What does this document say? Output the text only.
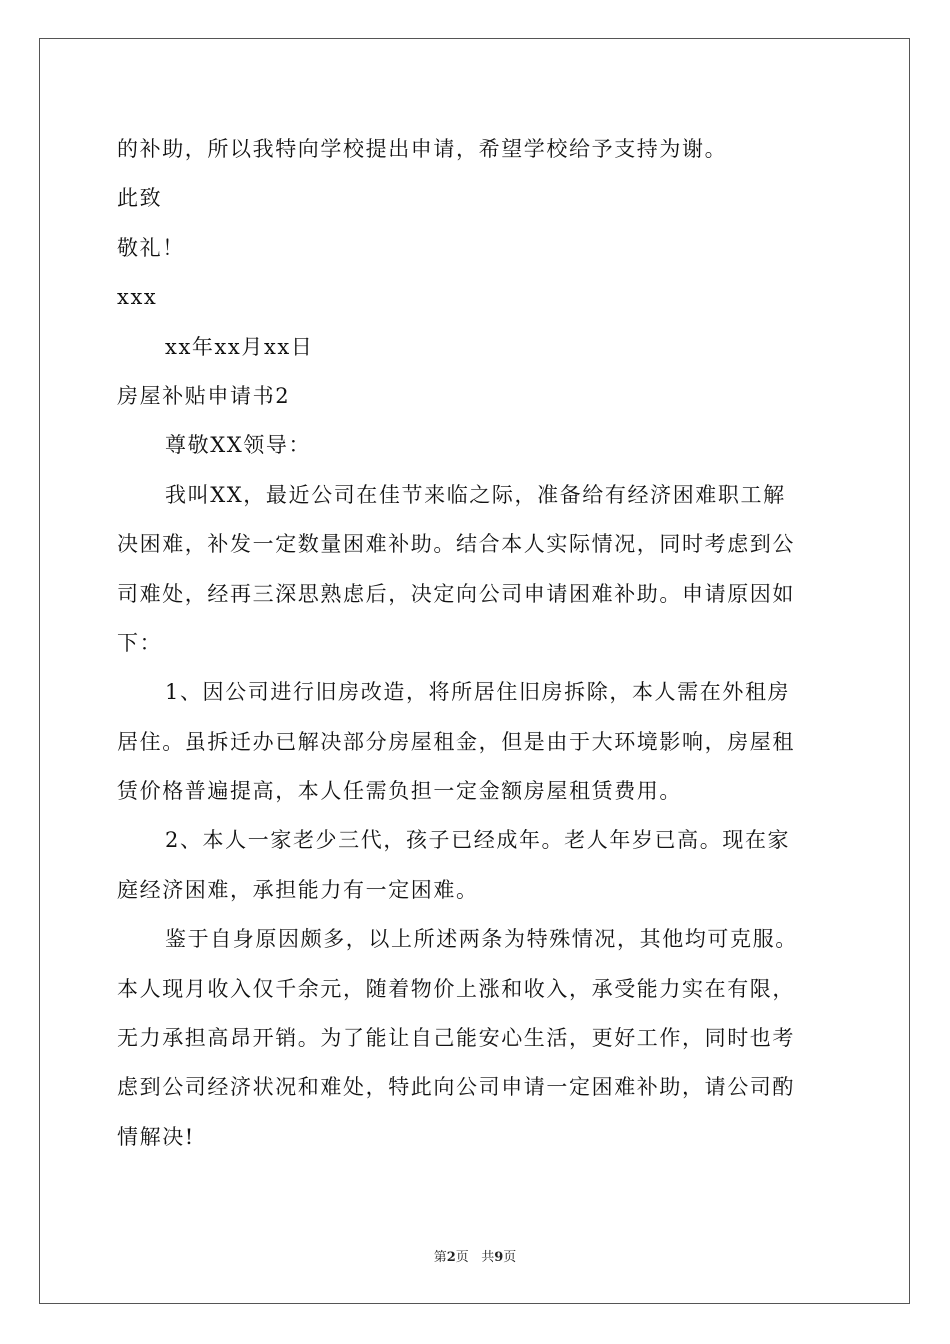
的补助，所以我特向学校提出申请，希望学校给予支持为谢。
此致
敬礼！
xxx
xx年xx月xx日
房屋补贴申请书2
尊敬XX领导：
我叫XX，最近公司在佳节来临之际，准备给有经济困难职工解
决困难，补发一定数量困难补助。结合本人实际情况，同时考虑到公
司难处，经再三深思熟虑后，决定向公司申请困难补助。申请原因如
下：
1、因公司进行旧房改造，将所居住旧房拆除，本人需在外租房
居住。虽拆迁办已解决部分房屋租金，但是由于大环境影响，房屋租
赁价格普遍提高，本人任需负担一定金额房屋租赁费用。
2、本人一家老少三代，孩子已经成年。老人年岁已高。现在家
庭经济困难，承担能力有一定困难。
鉴于自身原因颇多，以上所述两条为特殊情况，其他均可克服。
本人现月收入仅千余元，随着物价上涨和收入，承受能力实在有限，
无力承担高昂开销。为了能让自己能安心生活，更好工作，同时也考
虑到公司经济状况和难处，特此向公司申请一定困难补助，请公司酌
情解决!
第2页 共9页
